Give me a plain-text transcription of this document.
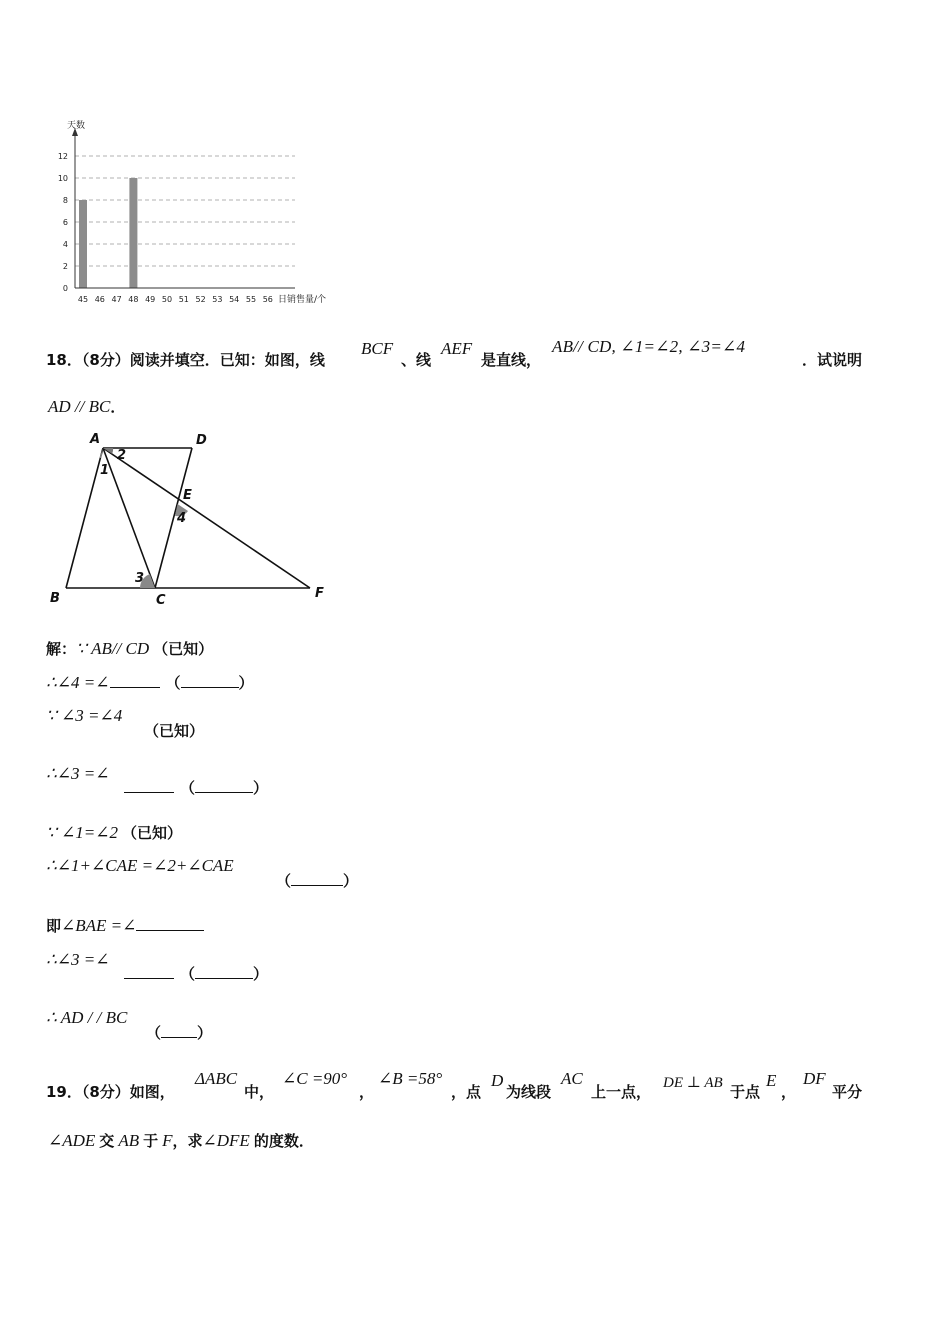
0
2
4
6
8
10
12
45 46 47 48 49 50 51 52 53 54 55 56
天数
日销售量/个
18．（8分）阅读并填空．已知：如图，线
BCF
、线
AEF
是直线，
AB// CD, ∠1=∠2, ∠3=∠4
．试说明
AD // BC．
A	D
B	C
E
F
1
2
3
4
解：∵ AB// CD （已知）
∴∠4 =∠	（	）
∵ ∠3 =∠4
（已知）
∴∠3 =∠
（	）
∵ ∠1=∠2 （已知）
∴∠1+∠CAE =∠2+∠CAE
（	）
即∠BAE =∠
∴∠3 =∠
（	）
∴ AD / / BC
（ ）
19．（8分）如图，
ΔABC
中，
∠C =90°
，
∠B =58°
，点
D
为线段
AC
上一点， DE ⊥ AB 于点
E
，
DF
平分
∠ADE 交 AB 于 F，求∠DFE 的度数．
